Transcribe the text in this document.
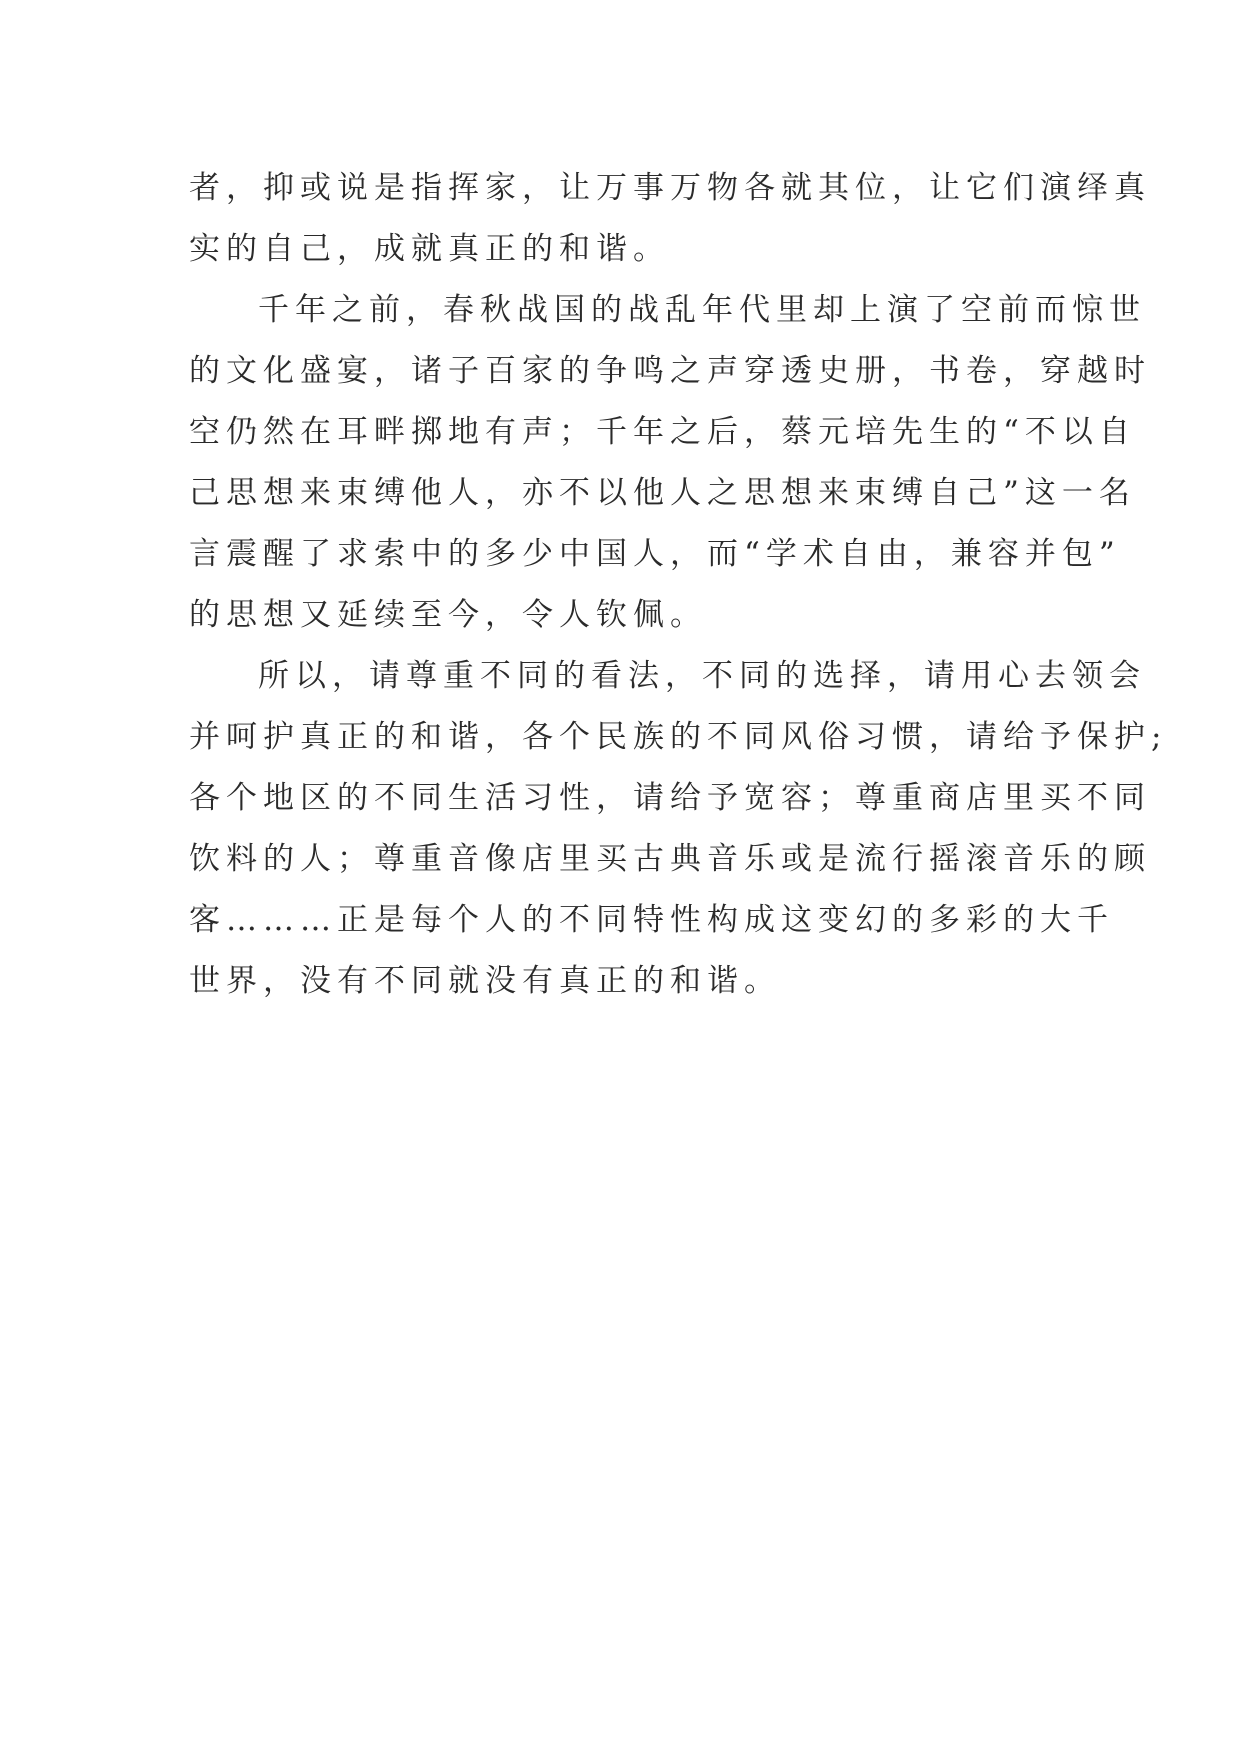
者，抑或说是指挥家，让万事万物各就其位，让它们演绎真
实的自己，成就真正的和谐。
千年之前，春秋战国的战乱年代里却上演了空前而惊世
的文化盛宴，诸子百家的争鸣之声穿透史册，书卷，穿越时
空仍然在耳畔掷地有声；千年之后，蔡元培先生的“不以自
己思想来束缚他人，亦不以他人之思想来束缚自己”这一名
言震醒了求索中的多少中国人，而“学术自由，兼容并包”
的思想又延续至今，令人钦佩。
所以，请尊重不同的看法，不同的选择，请用心去领会
并呵护真正的和谐，各个民族的不同风俗习惯，请给予保护;
各个地区的不同生活习性，请给予宽容；尊重商店里买不同
饮料的人；尊重音像店里买古典音乐或是流行摇滚音乐的顾
客………正是每个人的不同特性构成这变幻的多彩的大千
世界，没有不同就没有真正的和谐。
